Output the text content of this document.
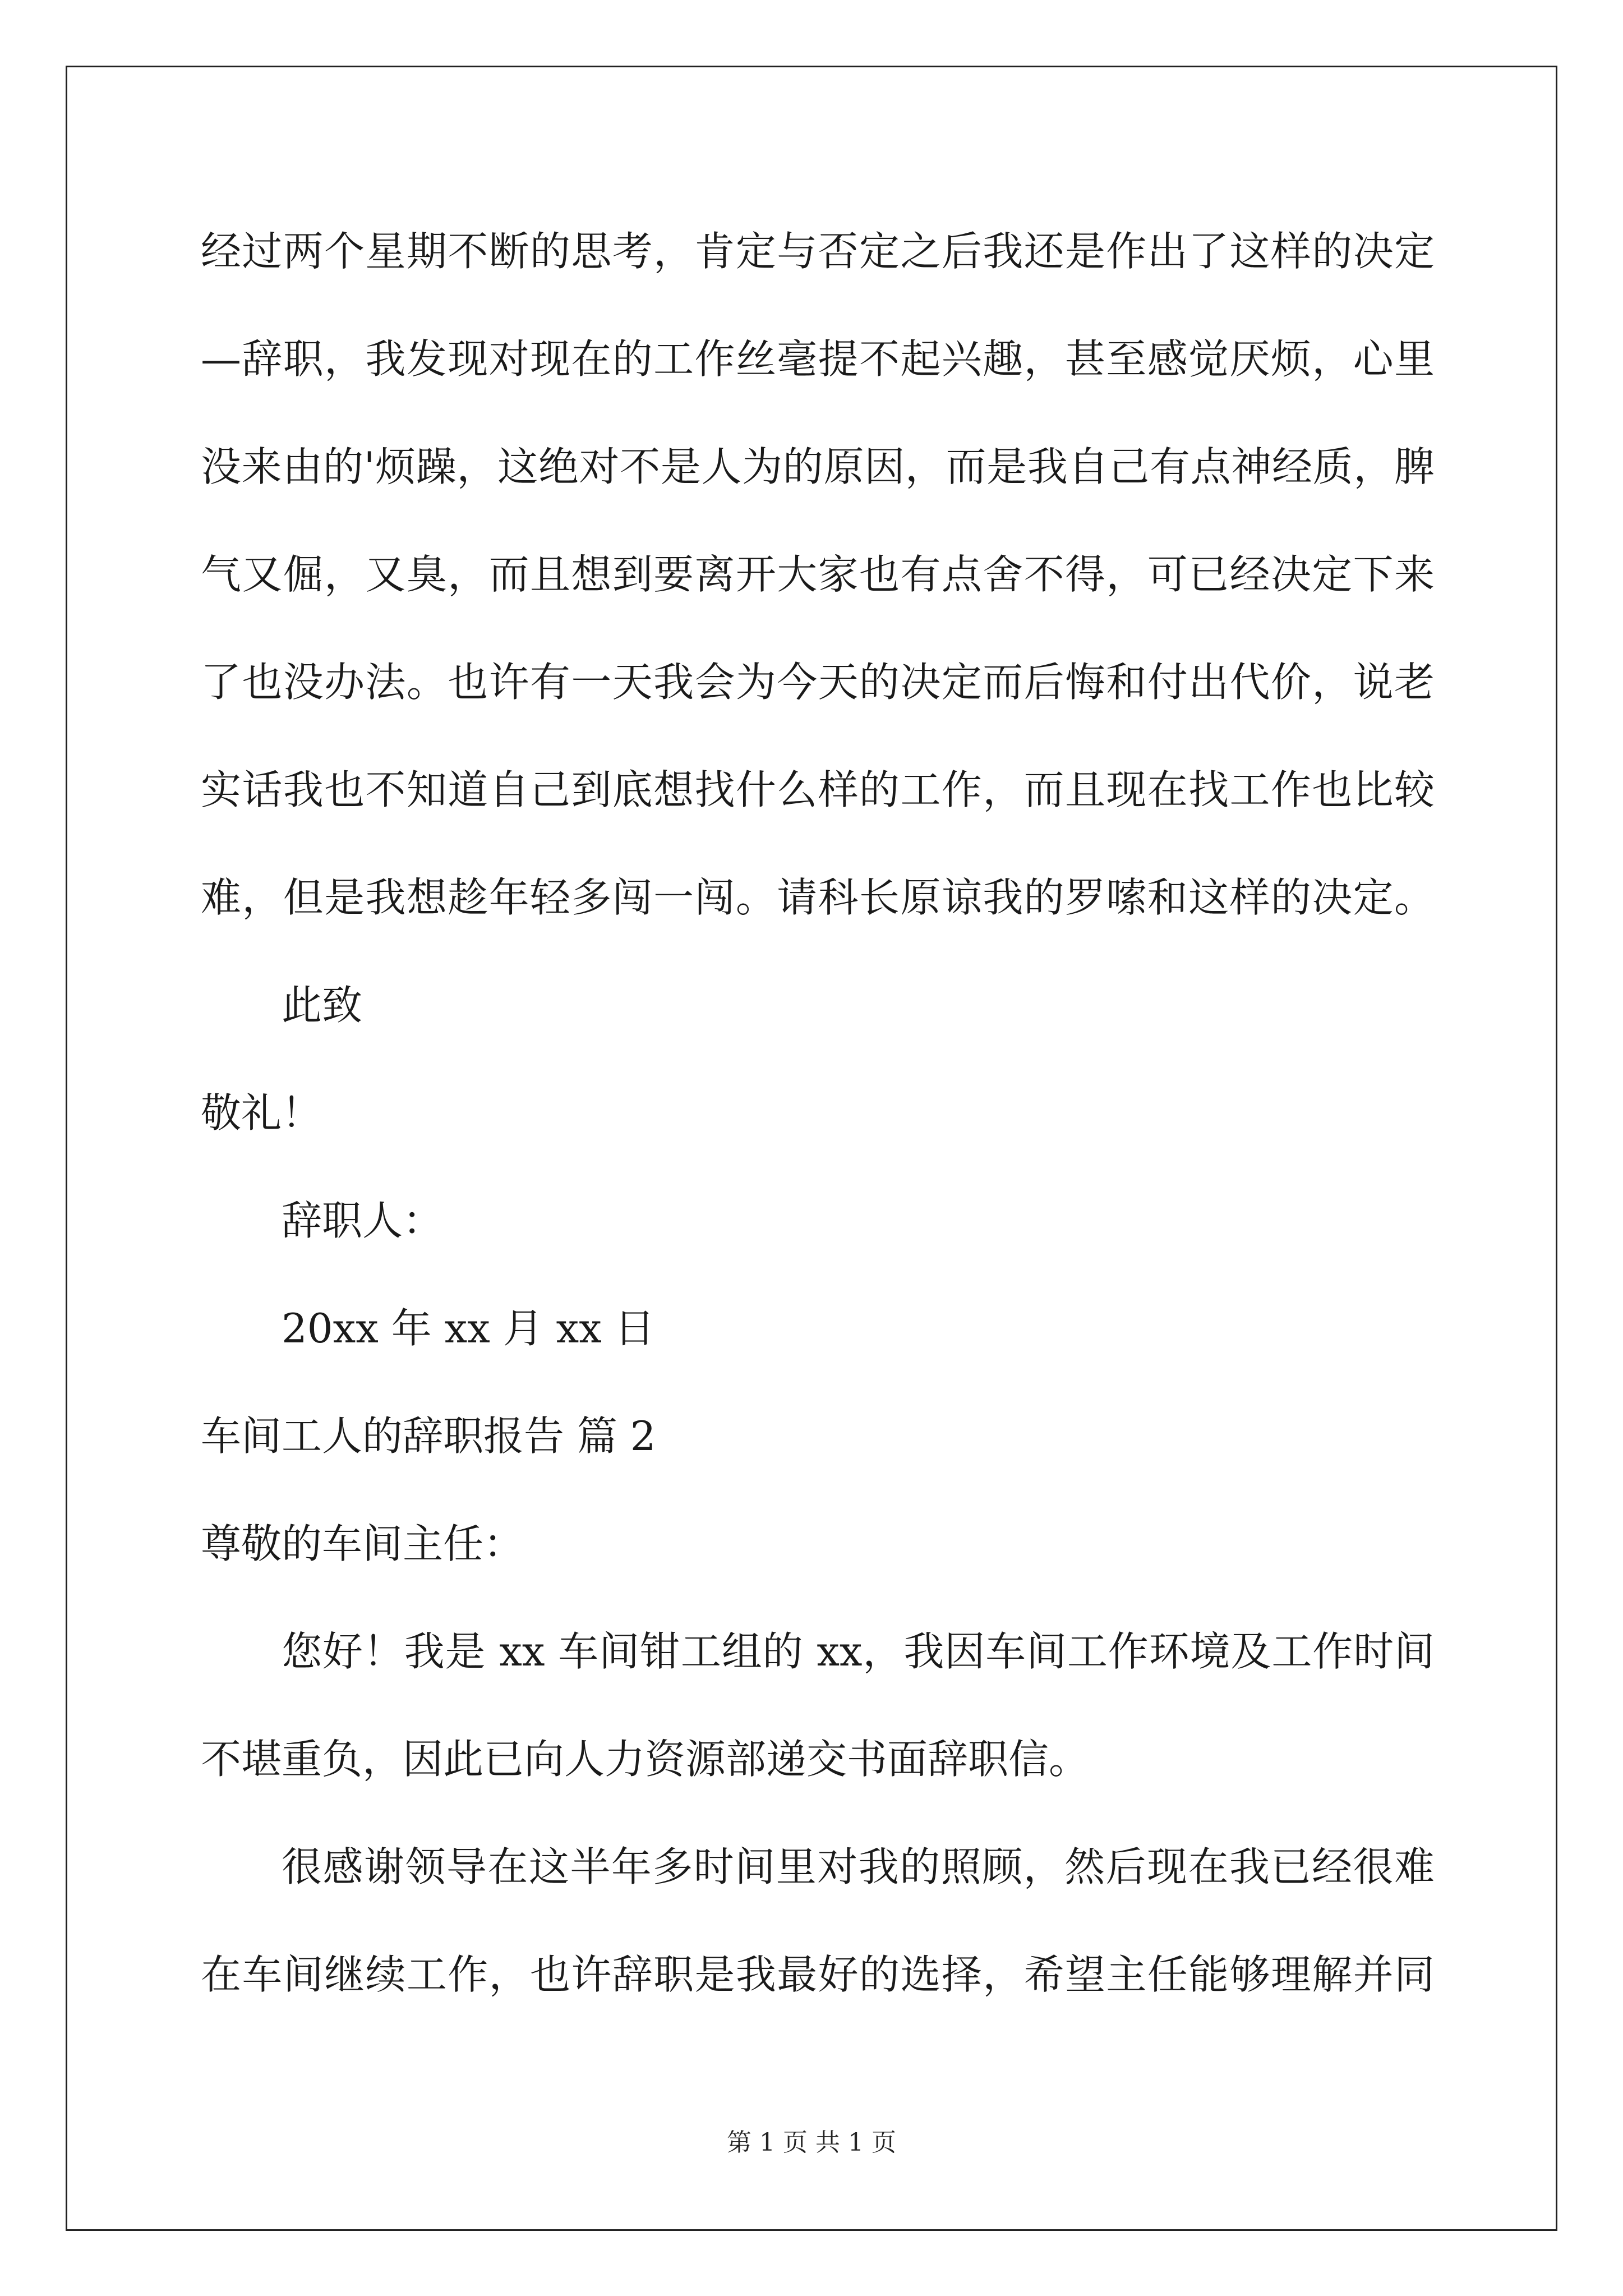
经过两个星期不断的思考，肯定与否定之后我还是作出了这样的决定
—辞职，我发现对现在的工作丝毫提不起兴趣，甚至感觉厌烦，心里
没来由的'烦躁，这绝对不是人为的原因，而是我自己有点神经质，脾
气又倔，又臭，而且想到要离开大家也有点舍不得，可已经决定下来
了也没办法。也许有一天我会为今天的决定而后悔和付出代价，说老
实话我也不知道自己到底想找什么样的工作，而且现在找工作也比较
难，但是我想趁年轻多闯一闯。请科长原谅我的罗嗦和这样的决定。
此致
敬礼！
辞职人：
20xx 年 xx 月 xx 日
车间工人的辞职报告 篇 2
尊敬的车间主任：
您好！我是 xx 车间钳工组的 xx，我因车间工作环境及工作时间
不堪重负，因此已向人力资源部递交书面辞职信。
很感谢领导在这半年多时间里对我的照顾，然后现在我已经很难
在车间继续工作，也许辞职是我最好的选择，希望主任能够理解并同
第 1 页 共 1 页
